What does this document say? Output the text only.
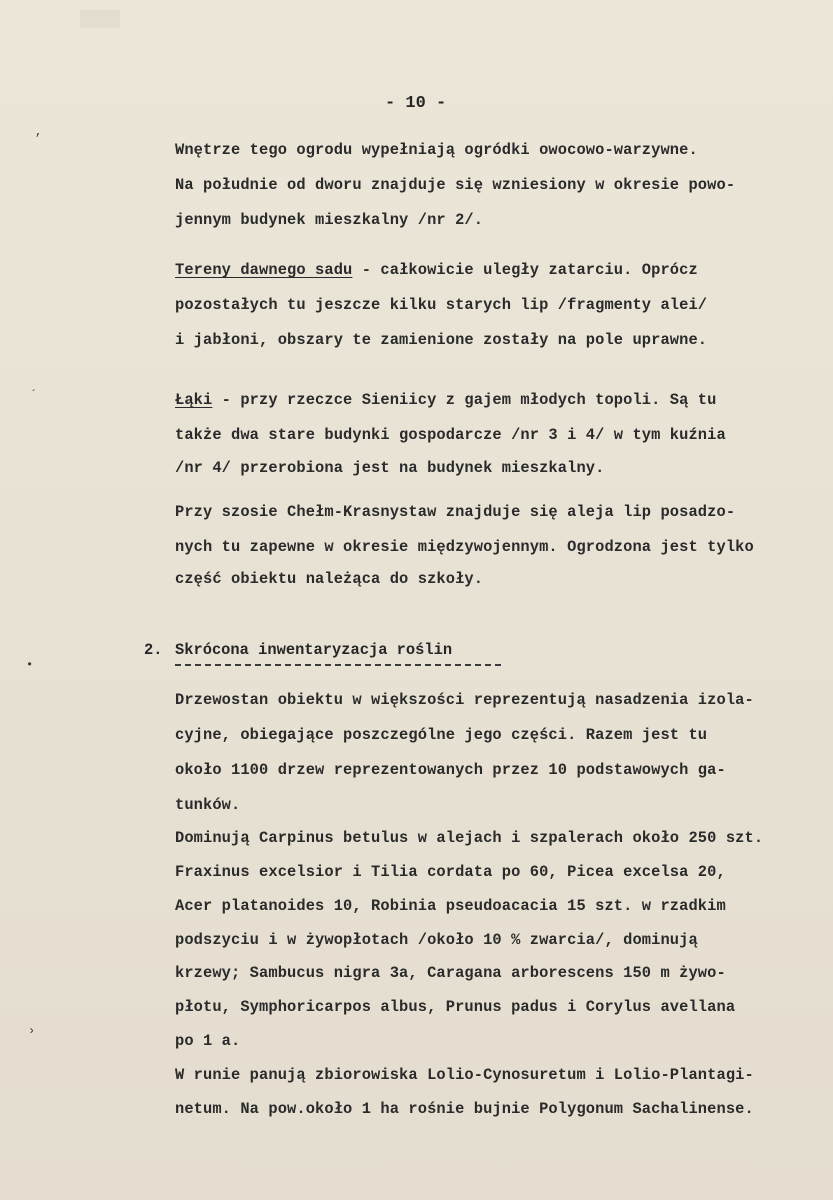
- 10 -
Wnętrze tego ogrodu wypełniają ogródki owocowo-warzywne.
Na południe od dworu znajduje się wzniesiony w okresie powo-
jennym budynek mieszkalny /nr 2/.
Tereny dawnego sadu - całkowicie uległy zatarciu. Oprócz
pozostałych tu jeszcze kilku starych lip /fragmenty alei/
i jabłoni, obszary te zamienione zostały na pole uprawne.
Łąki - przy rzeczce Sieniicy z gajem młodych topoli. Są tu
także dwa stare budynki gospodarcze /nr 3 i 4/ w tym kuźnia
/nr 4/ przerobiona jest na budynek mieszkalny.
Przy szosie Chełm-Krasnystaw znajduje się aleja lip posadzo-
nych tu zapewne w okresie międzywojennym. Ogrodzona jest tylko
część obiektu należąca do szkoły.
2. Skrócona inwentaryzacja roślin
Drzewostan obiektu w większości reprezentują nasadzenia izola-
cyjne, obiegające poszczególne jego części. Razem jest tu
około 1100 drzew reprezentowanych przez 10 podstawowych ga-
tunków.
Dominują Carpinus betulus w alejach i szpalerach około 250 szt.
Fraxinus excelsior i Tilia cordata po 60, Picea excelsa 20,
Acer platanoides 10, Robinia pseudoacacia 15 szt. w rzadkim
podszyciu i w żywopłotach /około 10 % zwarcia/, dominują
krzewy; Sambucus nigra 3a, Caragana arborescens 150 m żywo-
płotu, Symphoricarpos albus, Prunus padus i Corylus avellana
po 1 a.
W runie panują zbiorowiska Lolio-Cynosuretum i Lolio-Plantagi-
netum. Na pow.około 1 ha rośnie bujnie Polygonum Sachalinense.
,
´
•
›
